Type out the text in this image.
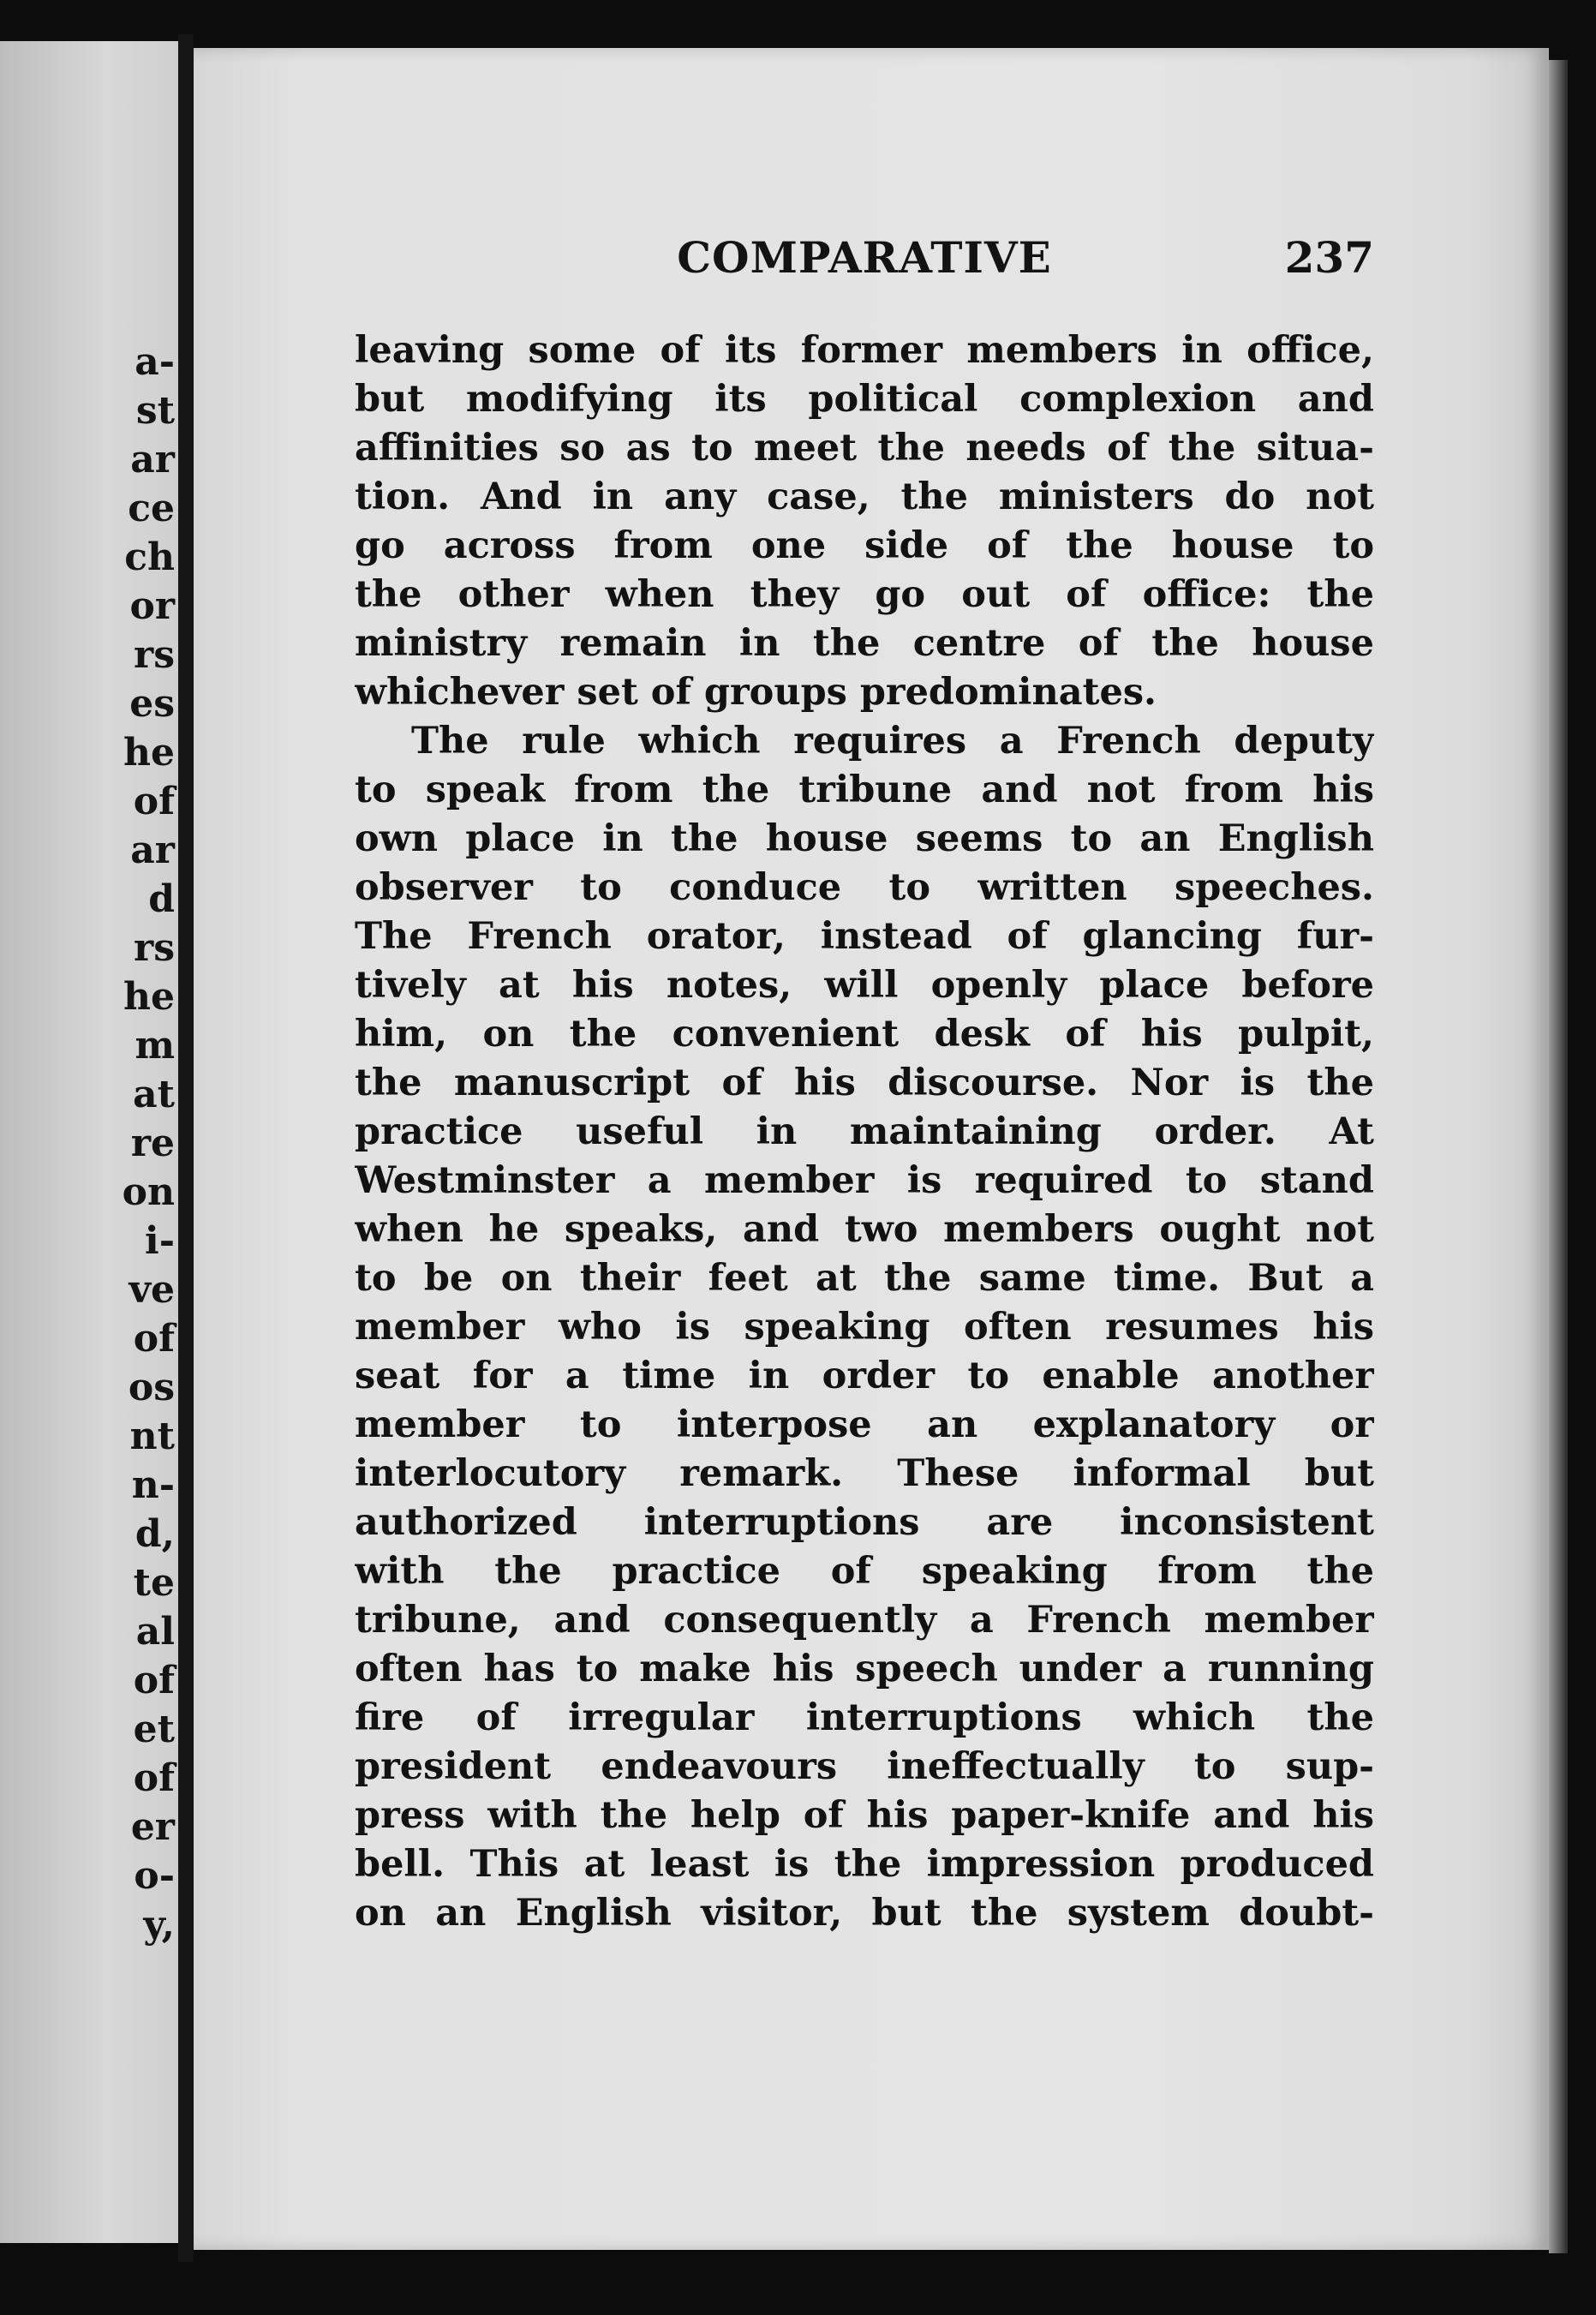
a-
st
ar
ce
ch
or
rs
es
he
of
ar
d
rs
he
m
at
re
on
i-
ve
of
os
nt
n-
d,
te
al
of
et
of
er
o-
y,
COMPARATIVE	237
leaving some of its former members in office,
but modifying its political complexion and
affinities so as to meet the needs of the situa-
tion. And in any case, the ministers do not
go across from one side of the house to
the other when they go out of office: the
ministry remain in the centre of the house
whichever set of groups predominates.
The rule which requires a French deputy
to speak from the tribune and not from his
own place in the house seems to an English
observer to conduce to written speeches.
The French orator, instead of glancing fur-
tively at his notes, will openly place before
him, on the convenient desk of his pulpit,
the manuscript of his discourse. Nor is the
practice useful in maintaining order. At
Westminster a member is required to stand
when he speaks, and two members ought not
to be on their feet at the same time. But a
member who is speaking often resumes his
seat for a time in order to enable another
member to interpose an explanatory or
interlocutory remark. These informal but
authorized interruptions are inconsistent
with the practice of speaking from the
tribune, and consequently a French member
often has to make his speech under a running
fire of irregular interruptions which the
president endeavours ineffectually to sup-
press with the help of his paper-knife and his
bell. This at least is the impression produced
on an English visitor, but the system doubt-
